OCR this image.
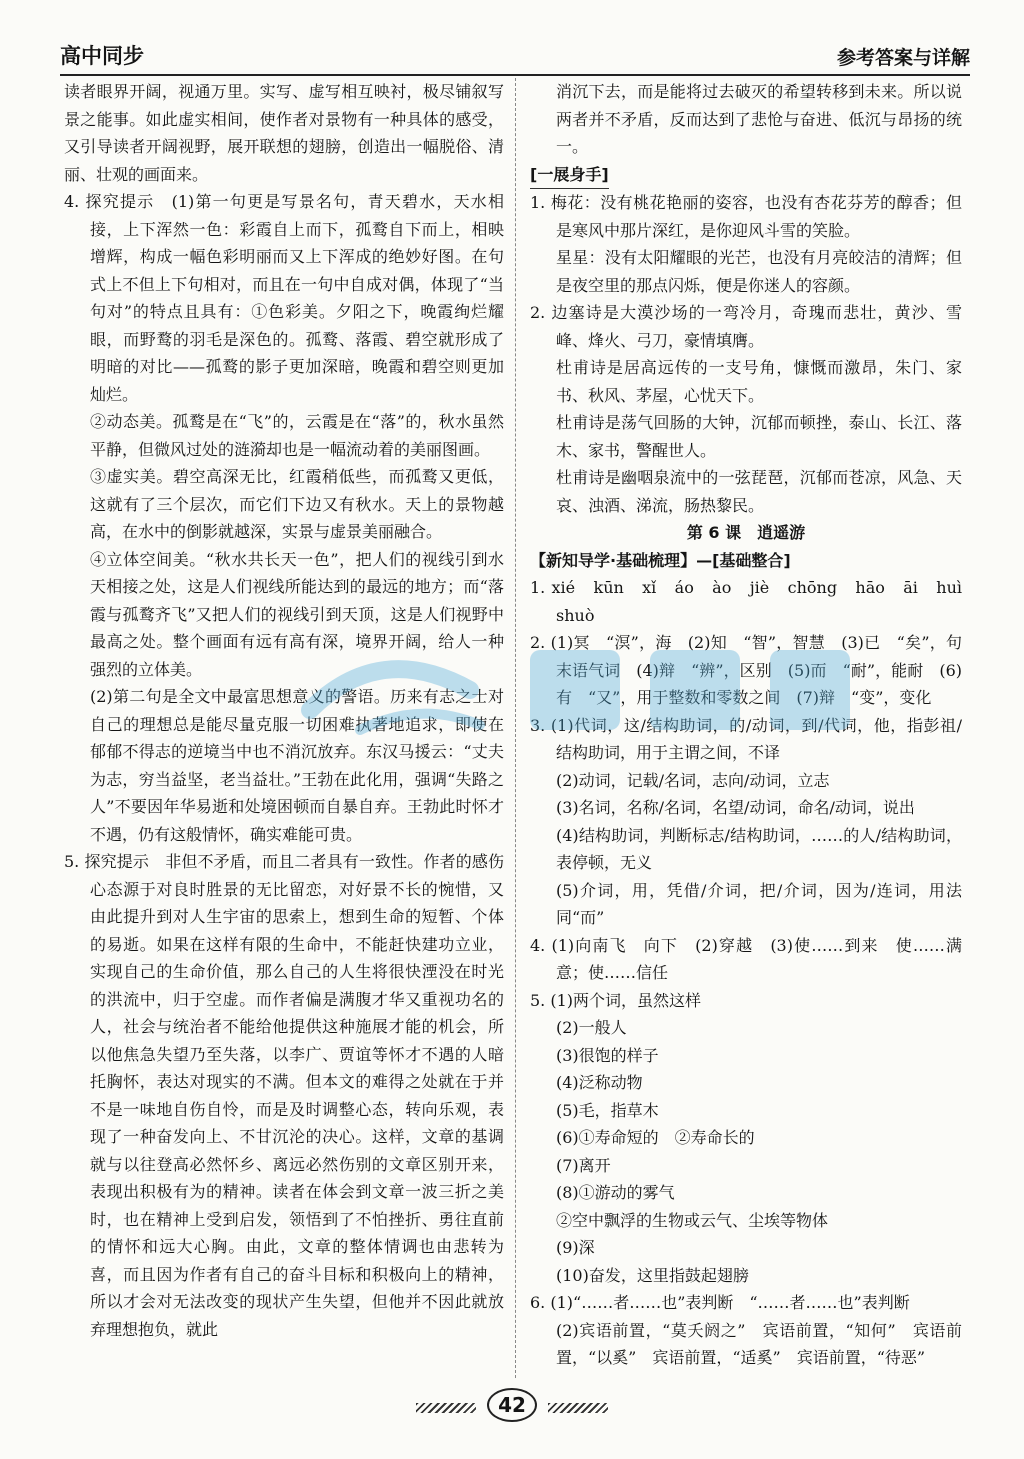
高中同步	参考答案与详解

读者眼界开阔，视通万里。实写、虚写相互映衬，极尽铺叙写景之能事。如此虚实相间，使作者对景物有一种具体的感受，又引导读者开阔视野，展开联想的翅膀，创造出一幅脱俗、清丽、壮观的画面来。

4. 探究提示　(1)第一句更是写景名句，青天碧水，天水相接，上下浑然一色：彩霞自上而下，孤鹜自下而上，相映增辉，构成一幅色彩明丽而又上下浑成的绝妙好图。在句式上不但上下句相对，而且在一句中自成对偶，体现了“当句对”的特点且具有：①色彩美。夕阳之下，晚霞绚烂耀眼，而野鹜的羽毛是深色的。孤鹜、落霞、碧空就形成了明暗的对比——孤鹜的影子更加深暗，晚霞和碧空则更加灿烂。

②动态美。孤鹜是在“飞”的，云霞是在“落”的，秋水虽然平静，但微风过处的涟漪却也是一幅流动着的美丽图画。

③虚实美。碧空高深无比，红霞稍低些，而孤鹜又更低，这就有了三个层次，而它们下边又有秋水。天上的景物越高，在水中的倒影就越深，实景与虚景美丽融合。

④立体空间美。“秋水共长天一色”，把人们的视线引到水天相接之处，这是人们视线所能达到的最远的地方；而“落霞与孤鹜齐飞”又把人们的视线引到天顶，这是人们视野中最高之处。整个画面有远有高有深，境界开阔，给人一种强烈的立体美。

(2)第二句是全文中最富思想意义的警语。历来有志之士对自己的理想总是能尽量克服一切困难执著地追求，即使在郁郁不得志的逆境当中也不消沉放弃。东汉马援云：“丈夫为志，穷当益坚，老当益壮。”王勃在此化用，强调“失路之人”不要因年华易逝和处境困顿而自暴自弃。王勃此时怀才不遇，仍有这般情怀，确实难能可贵。

5. 探究提示　非但不矛盾，而且二者具有一致性。作者的感伤心态源于对良时胜景的无比留恋，对好景不长的惋惜，又由此提升到对人生宇宙的思索上，想到生命的短暂、个体的易逝。如果在这样有限的生命中，不能赶快建功立业，实现自己的生命价值，那么自己的人生将很快湮没在时光的洪流中，归于空虚。而作者偏是满腹才华又重视功名的人，社会与统治者不能给他提供这种施展才能的机会，所以他焦急失望乃至失落，以李广、贾谊等怀才不遇的人暗托胸怀，表达对现实的不满。但本文的难得之处就在于并不是一味地自伤自怜，而是及时调整心态，转向乐观，表现了一种奋发向上、不甘沉沦的决心。这样，文章的基调就与以往登高必然怀乡、离远必然伤别的文章区别开来，表现出积极有为的精神。读者在体会到文章一波三折之美时，也在精神上受到启发，领悟到了不怕挫折、勇往直前的情怀和远大心胸。由此，文章的整体情调也由悲转为喜，而且因为作者有自己的奋斗目标和积极向上的精神，所以才会对无法改变的现状产生失望，但他并不因此就放弃理想抱负，就此

消沉下去，而是能将过去破灭的希望转移到未来。所以说两者并不矛盾，反而达到了悲怆与奋进、低沉与昂扬的统一。

[一展身手]

1. 梅花：没有桃花艳丽的姿容，也没有杏花芬芳的醇香；但是寒风中那片深红，是你迎风斗雪的笑脸。

星星：没有太阳耀眼的光芒，也没有月亮皎洁的清辉；但是夜空里的那点闪烁，便是你迷人的容颜。

2. 边塞诗是大漠沙场的一弯冷月，奇瑰而悲壮，黄沙、雪峰、烽火、弓刀，豪情填膺。

杜甫诗是居高远传的一支号角，慷慨而激昂，朱门、家书、秋风、茅屋，心忧天下。

杜甫诗是荡气回肠的大钟，沉郁而顿挫，泰山、长江、落木、家书，警醒世人。

杜甫诗是幽咽泉流中的一弦琵琶，沉郁而苍凉，风急、天哀、浊酒、涕流，肠热黎民。

第 6 课　逍遥游

【新知导学·基础梳理】—[基础整合]

1. xié　kūn　xǐ　áo　ào　jiè　chōng　hāo　āi　huì shuò

2. (1)冥　“溟”，海　(2)知　“智”，智慧　(3)已　“矣”，句末语气词　(4)辩　“辨”，区别　(5)而　“耐”，能耐　(6)有　“又”，用于整数和零数之间　(7)辩　“变”，变化

3. (1)代词，这/结构助词，的/动词，到/代词，他，指彭祖/结构助词，用于主谓之间，不译

(2)动词，记载/名词，志向/动词，立志

(3)名词，名称/名词，名望/动词，命名/动词，说出

(4)结构助词，判断标志/结构助词，……的人/结构助词，表停顿，无义

(5)介词，用，凭借/介词，把/介词，因为/连词，用法同“而”

4. (1)向南飞　向下　(2)穿越　(3)使……到来　使……满意；使……信任

5. (1)两个词，虽然这样

(2)一般人

(3)很饱的样子

(4)泛称动物

(5)毛，指草木

(6)①寿命短的　②寿命长的

(7)离开

(8)①游动的雾气

②空中飘浮的生物或云气、尘埃等物体

(9)深

(10)奋发，这里指鼓起翅膀

6. (1)“……者……也”表判断　“……者……也”表判断

(2)宾语前置，“莫夭阏之”　宾语前置，“知何”　宾语前置，“以奚”　宾语前置，“适奚”　宾语前置，“待恶”

42
